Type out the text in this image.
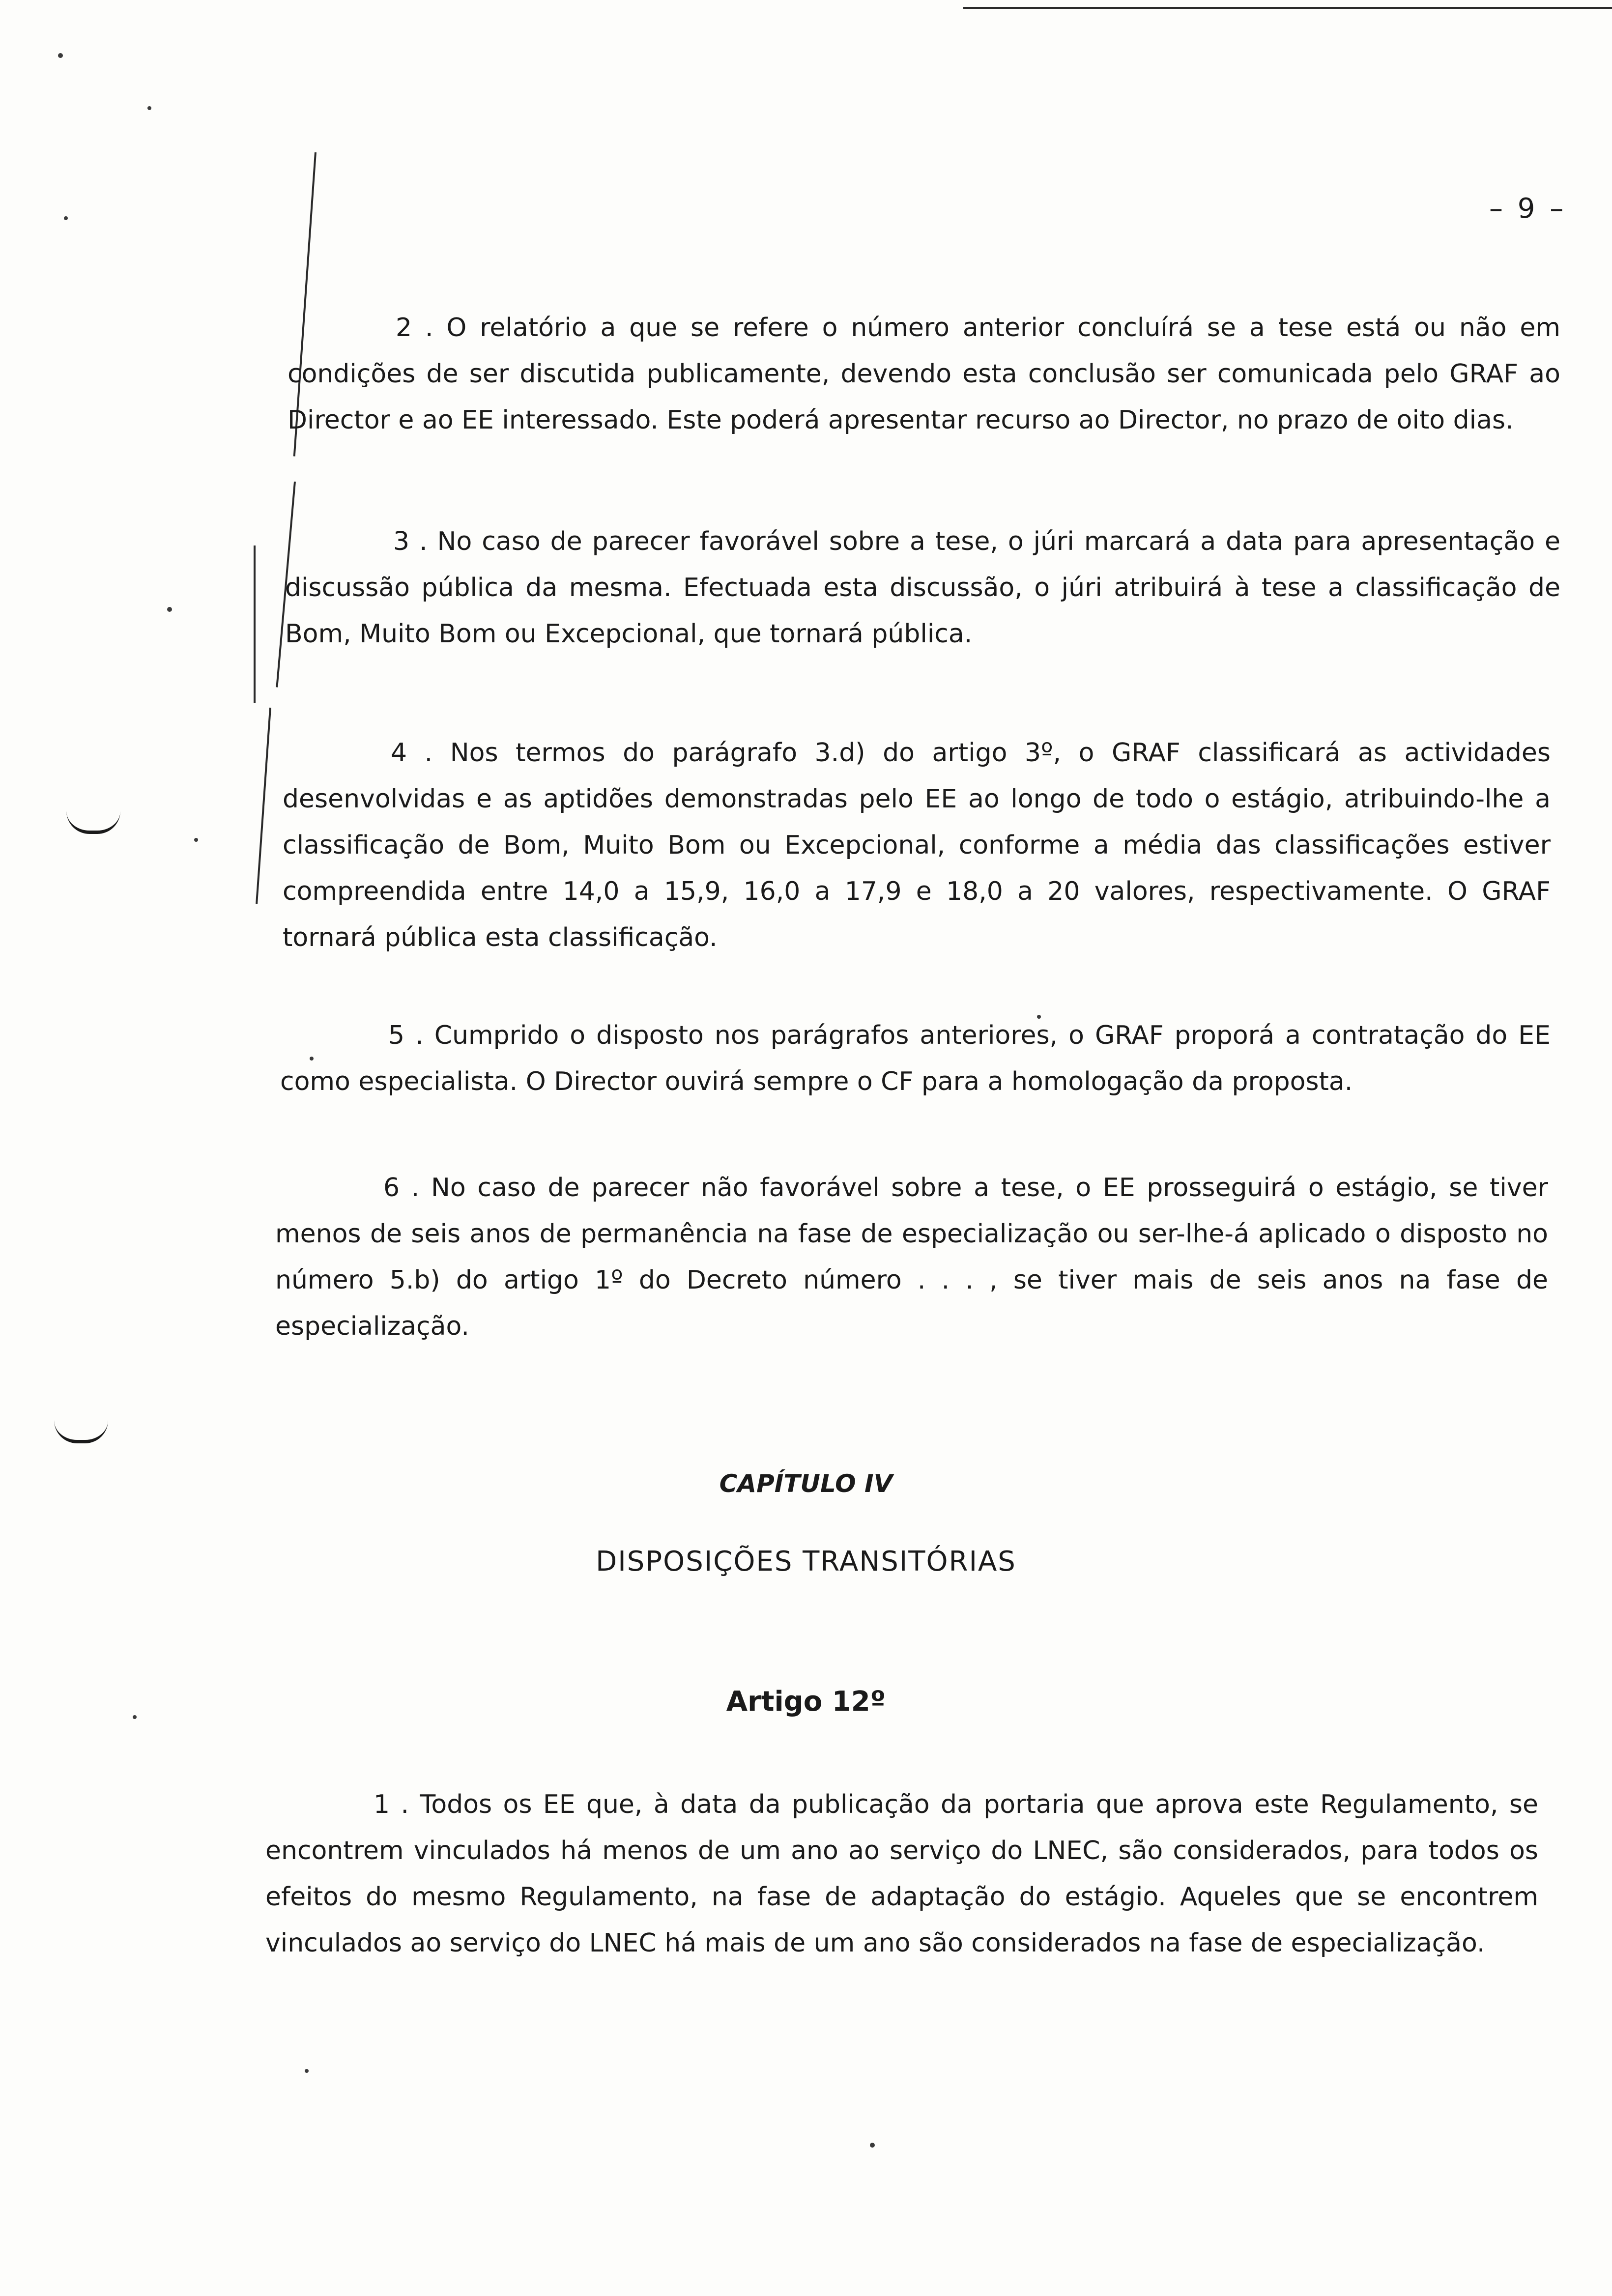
– 9 –

2 . O relatório a que se refere o número anterior concluírá se a tese está ou não em condições de ser discutida publicamente, devendo esta conclusão ser comunicada pelo GRAF ao Director e ao EE interessado. Este poderá apresentar recurso ao Director, no prazo de oito dias.

3 . No caso de parecer favorável sobre a tese, o júri marcará a data para apresentação e discussão pública da mesma. Efectuada esta discussão, o júri atribuirá à tese a classificação de Bom, Muito Bom ou Excepcional, que tornará pública.

4 . Nos termos do parágrafo 3.d) do artigo 3º, o GRAF classificará as actividades desenvolvidas e as aptidões demonstradas pelo EE ao longo de todo o estágio, atribuindo-lhe a classificação de Bom, Muito Bom ou Excepcional, conforme a média das classificações estiver compreendida entre 14,0 a 15,9, 16,0 a 17,9 e 18,0 a 20 valores, respectivamente. O GRAF tornará pública esta classificação.

5 . Cumprido o disposto nos parágrafos anteriores, o GRAF proporá a contratação do EE como especialista. O Director ouvirá sempre o CF para a homologação da proposta.

6 . No caso de parecer não favorável sobre a tese, o EE prosseguirá o estágio, se tiver menos de seis anos de permanência na fase de especialização ou ser-lhe-á aplicado o disposto no número 5.b) do artigo 1º do Decreto número . . . , se tiver mais de seis anos na fase de especialização.

CAPÍTULO IV
DISPOSIÇÕES TRANSITÓRIAS
Artigo 12º

1 . Todos os EE que, à data da publicação da portaria que aprova este Regulamento, se encontrem vinculados há menos de um ano ao serviço do LNEC, são considerados, para todos os efeitos do mesmo Regulamento, na fase de adaptação do estágio. Aqueles que se encontrem vinculados ao serviço do LNEC há mais de um ano são considerados na fase de especialização.
